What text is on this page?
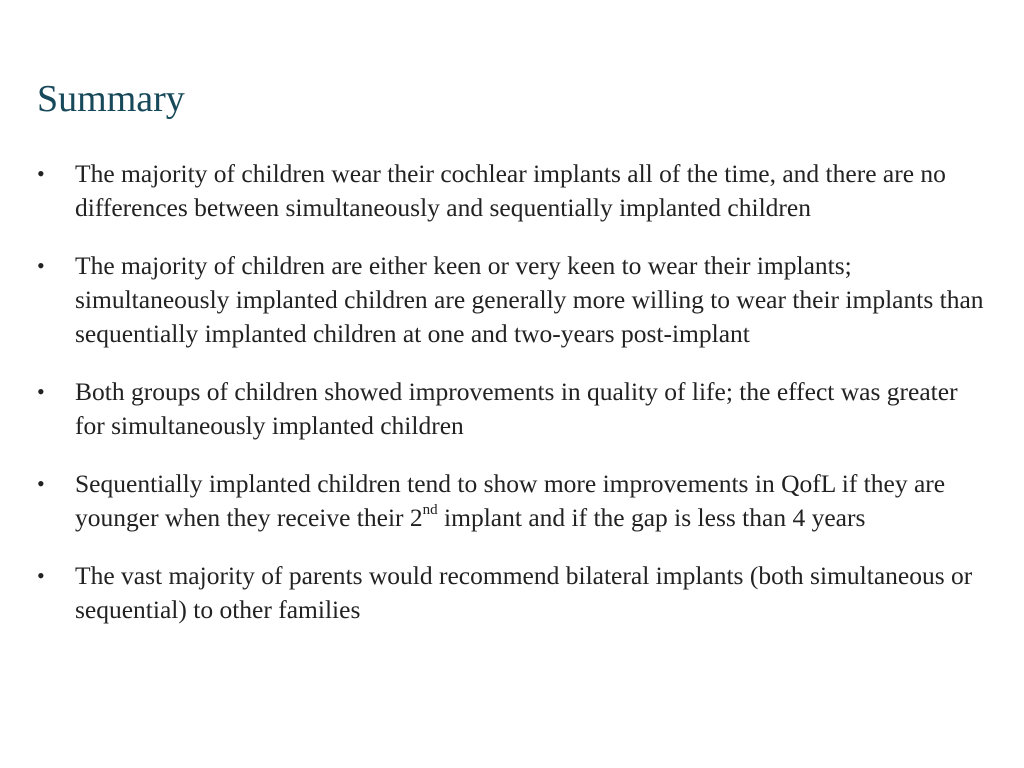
Summary
• The majority of children wear their cochlear implants all of the time, and there are no differences between simultaneously and sequentially implanted children
• The majority of children are either keen or very keen to wear their implants; simultaneously implanted children are generally more willing to wear their implants than sequentially implanted children at one and two-years post-implant
• Both groups of children showed improvements in quality of life; the effect was greater for simultaneously implanted children
• Sequentially implanted children tend to show more improvements in QofL if they are younger when they receive their 2nd implant and if the gap is less than 4 years
• The vast majority of parents would recommend bilateral implants (both simultaneous or sequential) to other families
